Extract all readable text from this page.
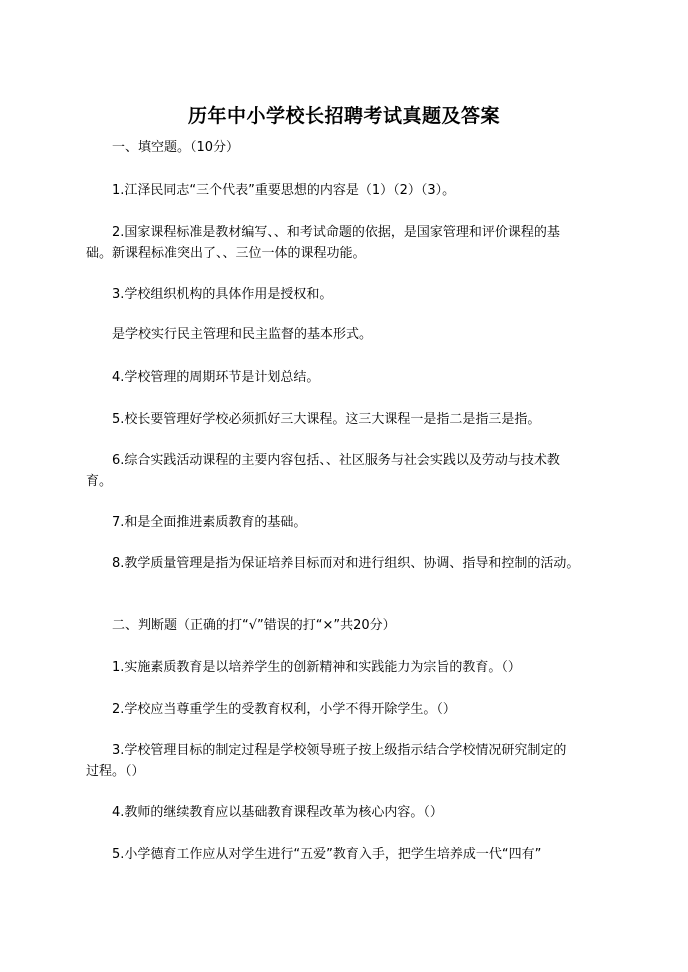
历年中小学校长招聘考试真题及答案
一、填空题。（10分）
1.江泽民同志“三个代表”重要思想的内容是（1）（2）（3）。
2.国家课程标准是教材编写、、和考试命题的依据，是国家管理和评价课程的基
础。新课程标准突出了、、三位一体的课程功能。
3.学校组织机构的具体作用是授权和。
是学校实行民主管理和民主监督的基本形式。
4.学校管理的周期环节是计划总结。
5.校长要管理好学校必须抓好三大课程。这三大课程一是指二是指三是指。
6.综合实践活动课程的主要内容包括、、社区服务与社会实践以及劳动与技术教
育。
7.和是全面推进素质教育的基础。
8.教学质量管理是指为保证培养目标而对和进行组织、协调、指导和控制的活动。
二、判断题（正确的打“√”错误的打“×”共20分）
1.实施素质教育是以培养学生的创新精神和实践能力为宗旨的教育。（）
2.学校应当尊重学生的受教育权利，小学不得开除学生。（）
3.学校管理目标的制定过程是学校领导班子按上级指示结合学校情况研究制定的
过程。（）
4.教师的继续教育应以基础教育课程改革为核心内容。（）
5.小学德育工作应从对学生进行“五爱”教育入手，把学生培养成一代“四有”
